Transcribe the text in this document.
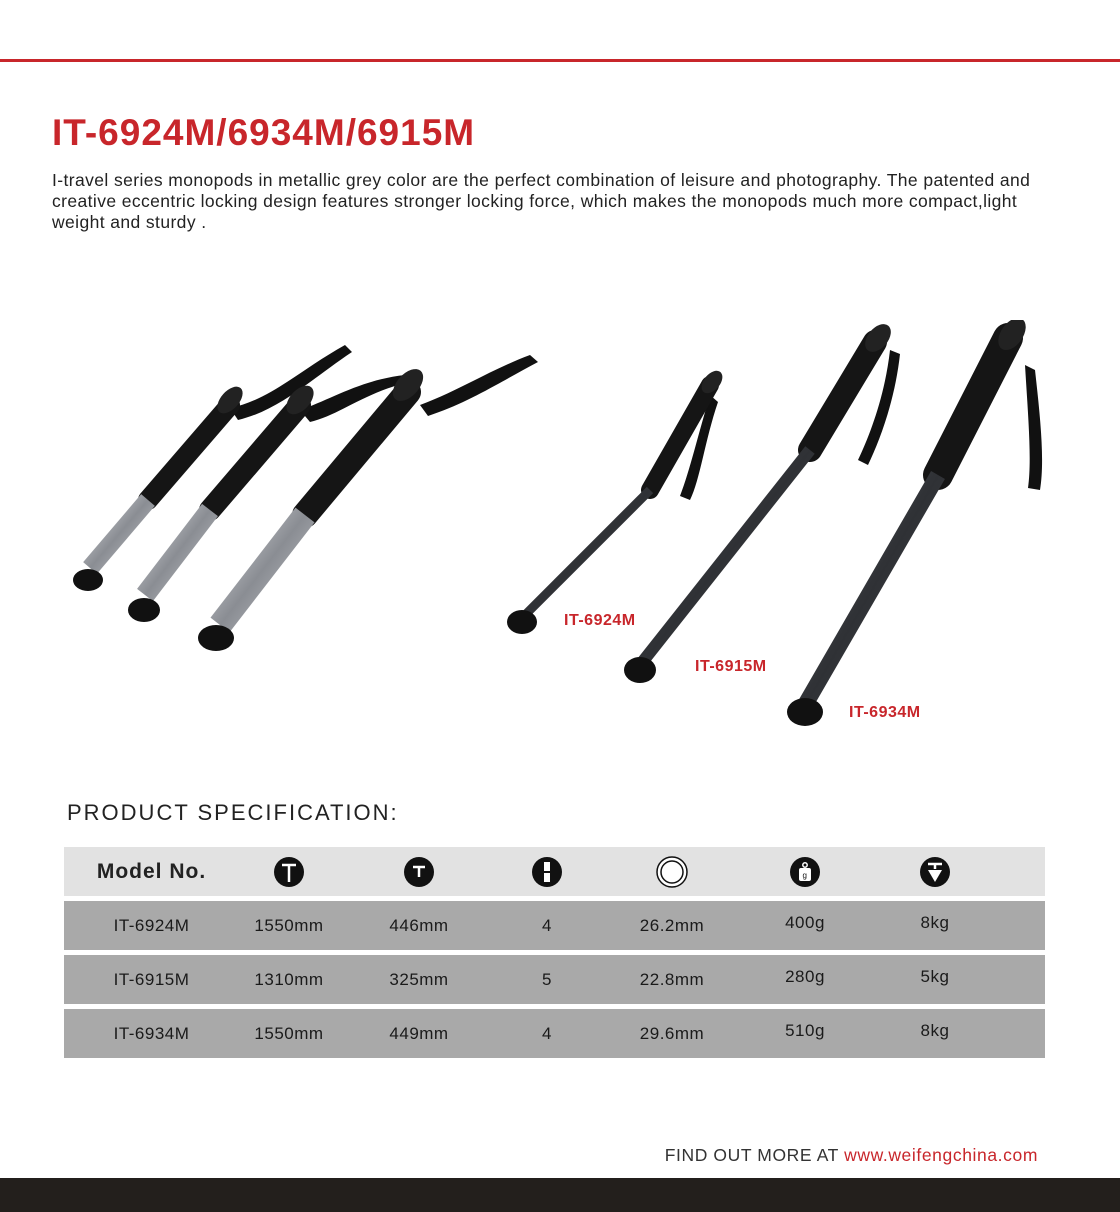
IT-6924M/6934M/6915M

I-travel series monopods in metallic grey color are the perfect combination of leisure and photography. The patented and creative eccentric locking design features stronger locking force, which makes the monopods much more compact,light weight and sturdy .

IT-6924M
IT-6915M
IT-6934M
PRODUCT SPECIFICATION:
Model No.	g
IT-6924M	1550mm	446mm	4	26.2mm	400g	8kg
IT-6915M	1310mm	325mm	5	22.8mm	280g	5kg
IT-6934M	1550mm	449mm	4	29.6mm	510g	8kg
FIND OUT MORE AT www.weifengchina.com
